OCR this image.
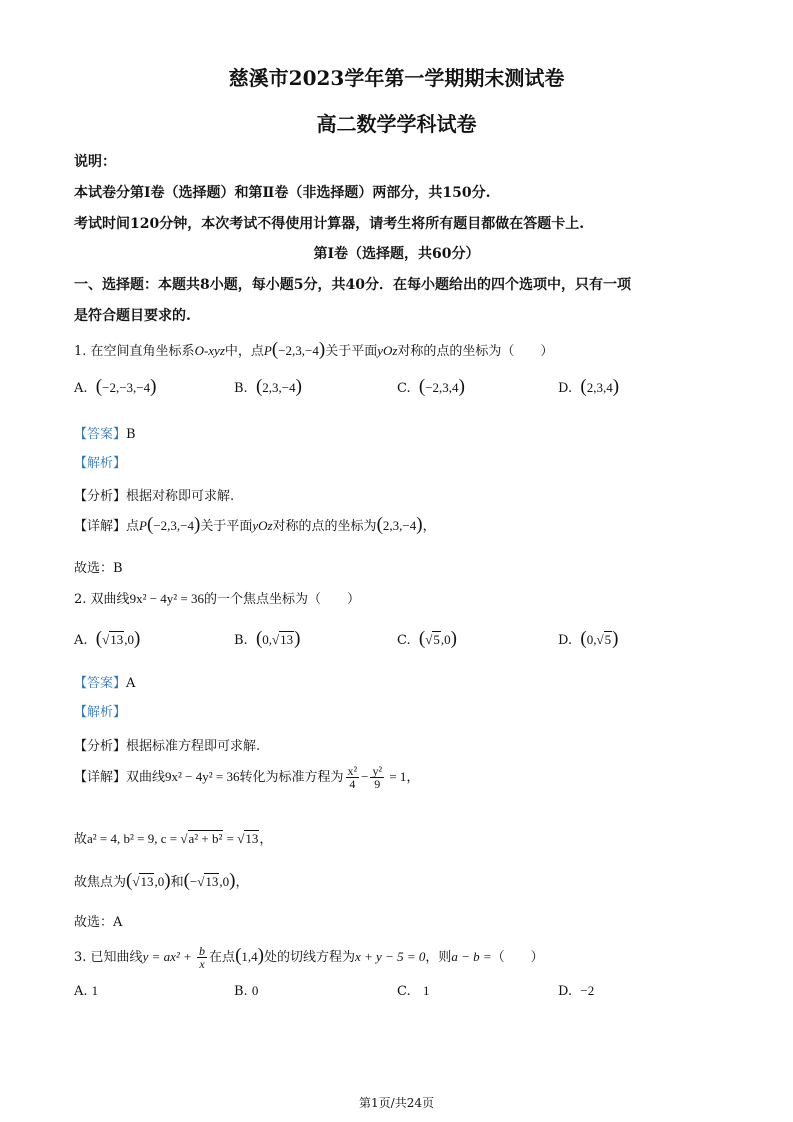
慈溪市2023学年第一学期期末测试卷
高二数学学科试卷
说明：
本试卷分第Ⅰ卷（选择题）和第Ⅱ卷（非选择题）两部分，共150分.
考试时间120分钟，本次考试不得使用计算器，请考生将所有题目都做在答题卡上.
第Ⅰ卷（选择题，共60分）
一、选择题：本题共8小题，每小题5分，共40分．在每小题给出的四个选项中，只有一项
是符合题目要求的.
1. 在空间直角坐标系O-xyz中，点P(−2,3,−4)关于平面yOz对称的点的坐标为（　　）
A. (−2,−3,−4)	B. (2,3,−4)	C. (−2,3,4)	D. (2,3,4)
【答案】B
【解析】
【分析】根据对称即可求解.
【详解】点P(−2,3,−4)关于平面yOz对称的点的坐标为(2,3,−4)，
故选：B
2. 双曲线9x² − 4y² = 36的一个焦点坐标为（　　）
A. (√13,0)	B. (0,√13)	C. (√5,0)	D. (0,√5)
【答案】A
【解析】
【分析】根据标准方程即可求解.
【详解】双曲线9x² − 4y² = 36转化为标准方程为 $\frac{\text{x²}}{4} - \frac{\text{y²}}{9} = 1$，
故a² = 4, b² = 9, c = √a² + b² = √13，
故焦点为(√13,0)和(−√13,0)，
故选：A
3. 已知曲线$y = ax^2 + \frac{b}{x}$ 在点(1,4)处的切线方程为x + y − 5 = 0，则a − b =（　　）
A. 1	B. 0	C. 1	D. −2
第1页/共24页
